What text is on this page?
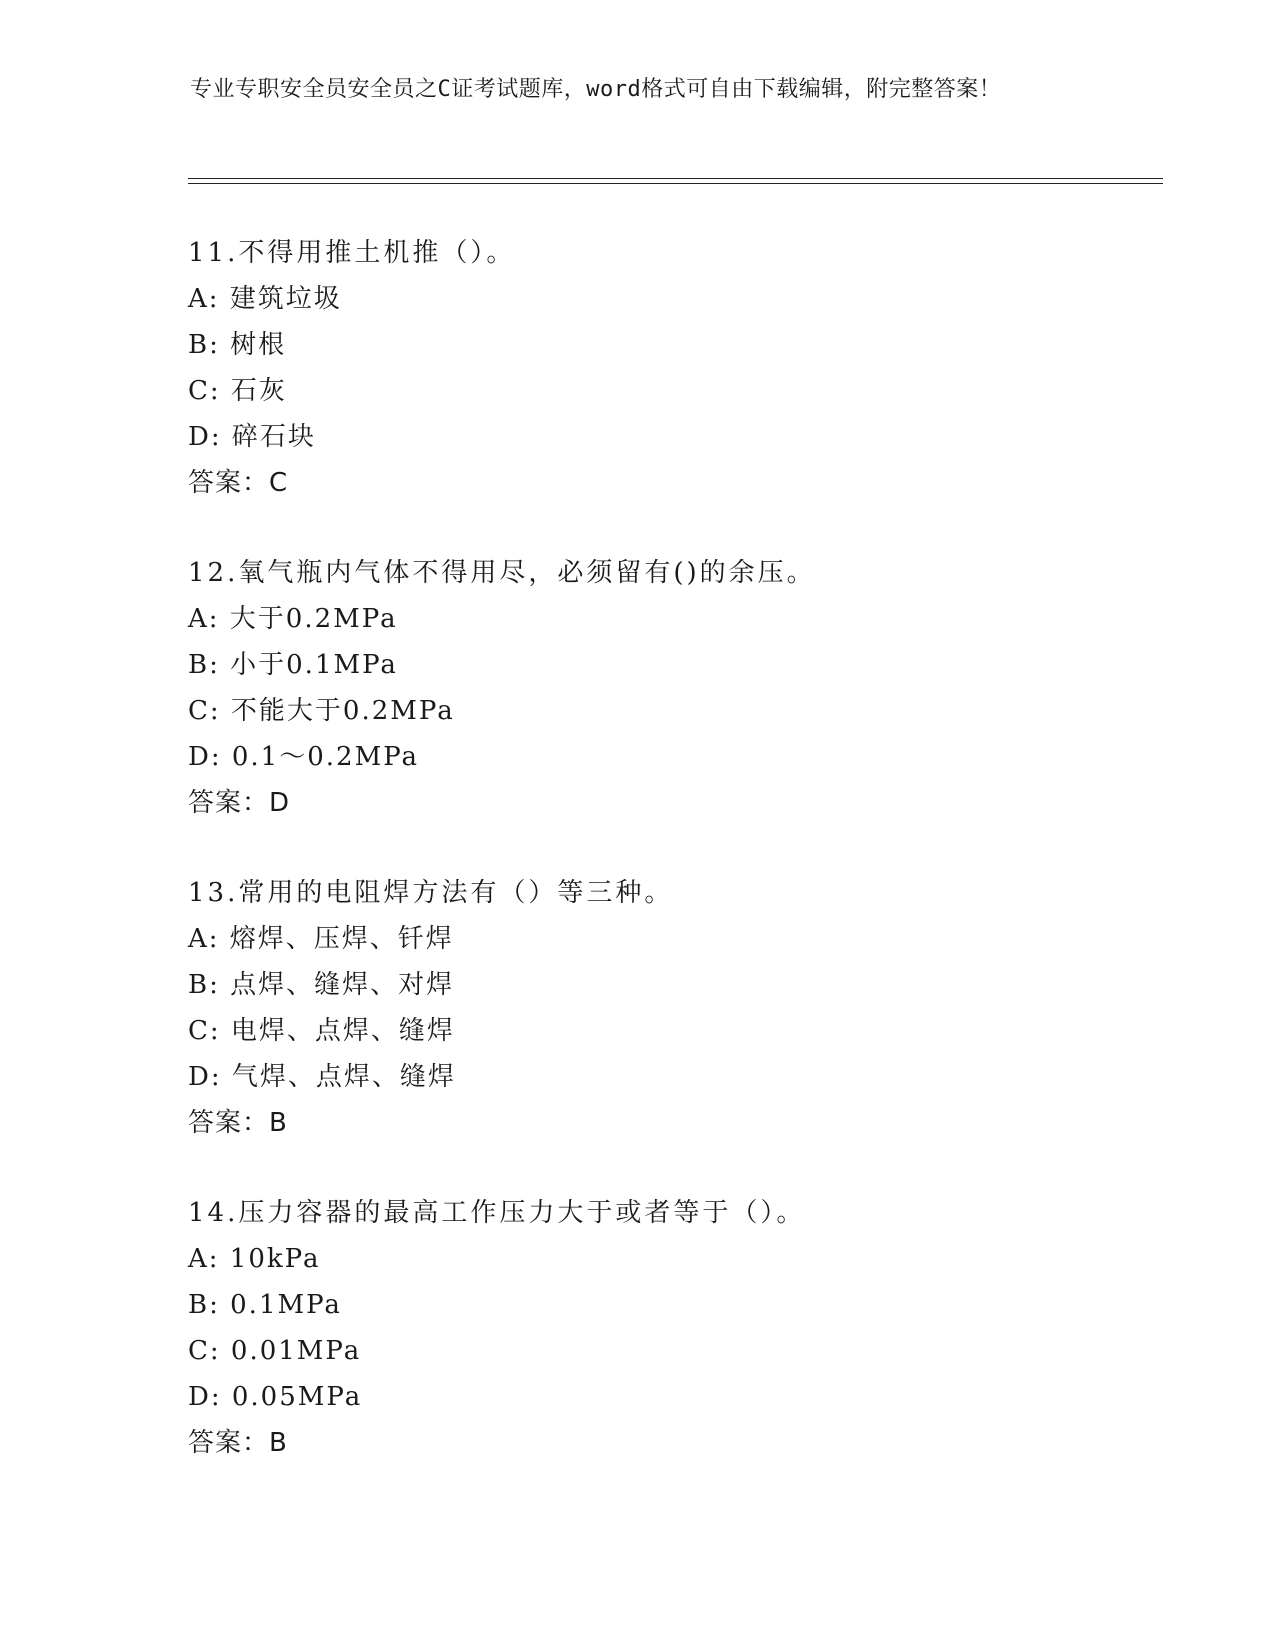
专业专职安全员安全员之C证考试题库，word格式可自由下载编辑，附完整答案！
11.不得用推土机推（）。
A: 建筑垃圾
B: 树根
C: 石灰
D: 碎石块
答案：C
12.氧气瓶内气体不得用尽，必须留有()的余压。
A: 大于0.2MPa
B: 小于0.1MPa
C: 不能大于0.2MPa
D: 0.1～0.2MPa
答案：D
13.常用的电阻焊方法有（）等三种。
A: 熔焊、压焊、钎焊
B: 点焊、缝焊、对焊
C: 电焊、点焊、缝焊
D: 气焊、点焊、缝焊
答案：B
14.压力容器的最高工作压力大于或者等于（）。
A: 10kPa
B: 0.1MPa
C: 0.01MPa
D: 0.05MPa
答案：B
